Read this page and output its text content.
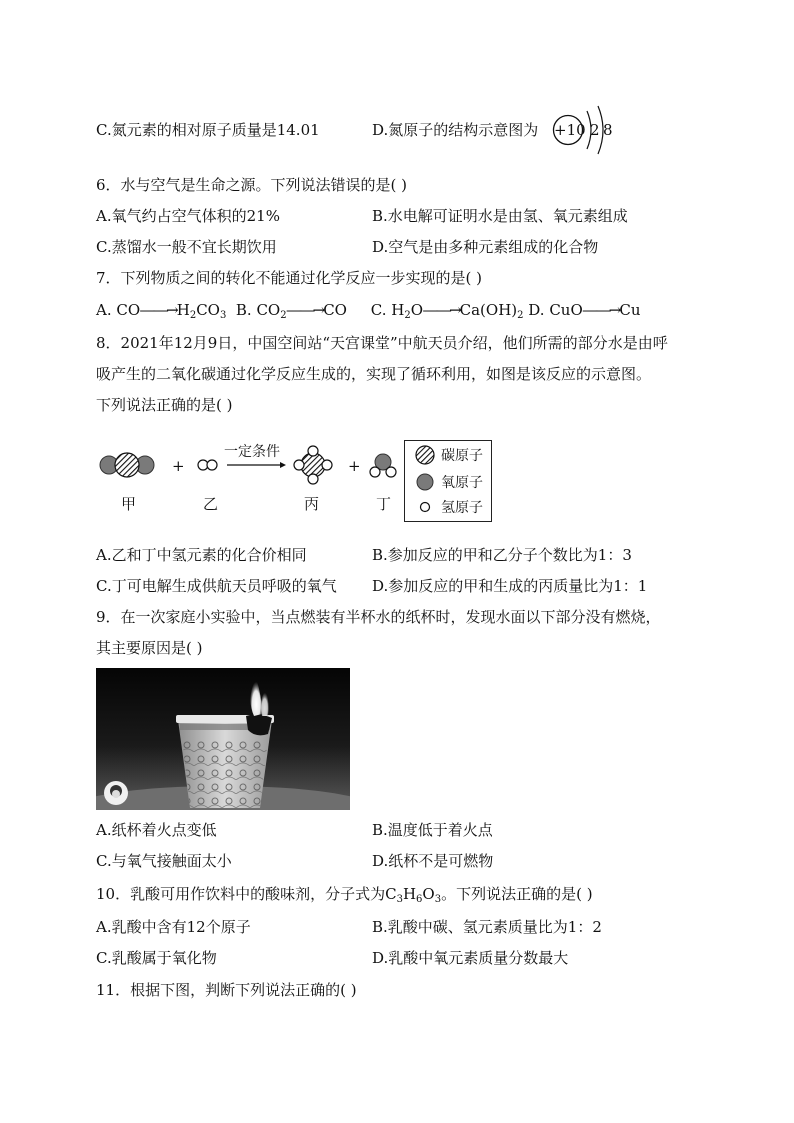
C.氮元素的相对原子质量是14.01	D.氮原子的结构示意图为 +10 2 8
6．水与空气是生命之源。下列说法错误的是( )
A.氧气约占空气体积的21%	B.水电解可证明水是由氢、氧元素组成
C.蒸馏水一般不宜长期饮用	D.空气是由多种元素组成的化合物
7．下列物质之间的转化不能通过化学反应一步实现的是( )
A. $CO――\to H_2CO_3$  B. $CO_2――\to CO$     C. $H_2O――\to Ca(OH)_2$ D. CuO――→Cu
8．2021年12月9日，中国空间站“天宫课堂”中航天员介绍，他们所需的部分水是由呼
吸产生的二氧化碳通过化学反应生成的，实现了循环利用，如图是该反应的示意图。
下列说法正确的是( )
一定条件
+	+
甲	乙	丙	丁
碳原子
氧原子
氢原子
A.乙和丁中氢元素的化合价相同	B.参加反应的甲和乙分子个数比为1：3
C.丁可电解生成供航天员呼吸的氧气 D.参加反应的甲和生成的丙质量比为1：1
9．在一次家庭小实验中，当点燃装有半杯水的纸杯时，发现水面以下部分没有燃烧，
其主要原因是( )
A.纸杯着火点变低	B.温度低于着火点
C.与氧气接触面太小	D.纸杯不是可燃物
10．乳酸可用作饮料中的酸味剂，分子式为$C_3H_6O_3$。下列说法正确的是( )
A.乳酸中含有12个原子	B.乳酸中碳、氢元素质量比为1：2
C.乳酸属于氧化物	D.乳酸中氧元素质量分数最大
11．根据下图，判断下列说法正确的( )
